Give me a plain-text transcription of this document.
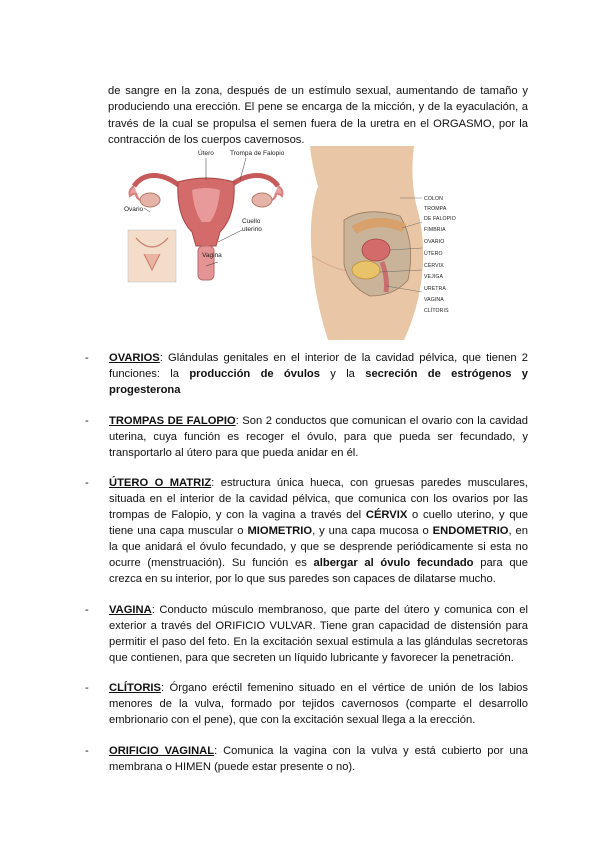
de sangre en la zona, después de un estímulo sexual, aumentando de tamaño y produciendo una erección. El pene se encarga de la micción, y de la eyaculación, a través de la cual se propulsa el semen fuera de la uretra en el ORGASMO, por la contracción de los cuerpos cavernosos.

Útero Trompa de Falopio
Ovario
Cuello
uterino
Vagina
COLON
TROMPA
DE FALOPIO
FIMBRIA
OVARIO
ÚTERO
CÉRVIX
VEJIGA
URETRA
VAGINA
CLÍTORIS
- OVARIOS: Glándulas genitales en el interior de la cavidad pélvica, que tienen 2 funciones: la producción de óvulos y la secreción de estrógenos y progesterona
- TROMPAS DE FALOPIO: Son 2 conductos que comunican el ovario con la cavidad uterina, cuya función es recoger el óvulo, para que pueda ser fecundado, y transportarlo al útero para que pueda anidar en él.
- ÚTERO O MATRIZ: estructura única hueca, con gruesas paredes musculares, situada en el interior de la cavidad pélvica, que comunica con los ovarios por las trompas de Falopio, y con la vagina a través del CÉRVIX o cuello uterino, y que tiene una capa muscular o MIOMETRIO, y una capa mucosa o ENDOMETRIO, en la que anidará el óvulo fecundado, y que se desprende periódicamente si esta no ocurre (menstruación). Su función es albergar al óvulo fecundado para que crezca en su interior, por lo que sus paredes son capaces de dilatarse mucho.
- VAGINA: Conducto músculo membranoso, que parte del útero y comunica con el exterior a través del ORIFICIO VULVAR. Tiene gran capacidad de distensión para permitir el paso del feto. En la excitación sexual estimula a las glándulas secretoras que contienen, para que secreten un líquido lubricante y favorecer la penetración.
- CLÍTORIS: Órgano eréctil femenino situado en el vértice de unión de los labios menores de la vulva, formado por tejidos cavernosos (comparte el desarrollo embrionario con el pene), que con la excitación sexual llega a la erección.
- ORIFICIO VAGINAL: Comunica la vagina con la vulva y está cubierto por una membrana o HIMEN (puede estar presente o no).
